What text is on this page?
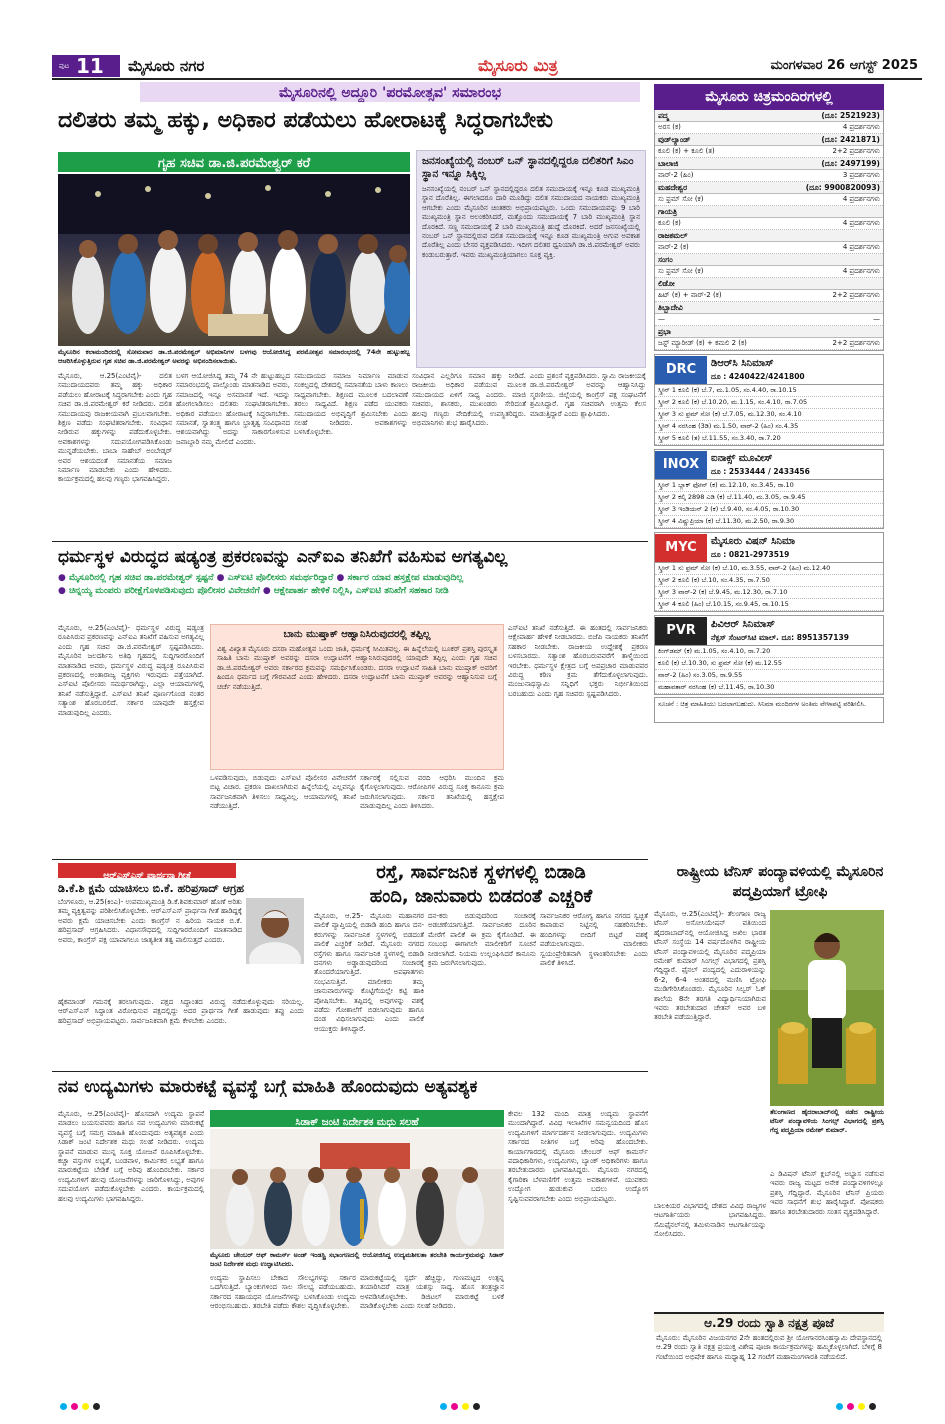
ಪುಟ 11 ಮೈಸೂರು ನಗರ	ಮೈಸೂರು ಮಿತ್ರ	ಮಂಗಳವಾರ 26 ಆಗಸ್ಟ್ 2025
ಮೈಸೂರಿನಲ್ಲಿ ಅದ್ದೂರಿ 'ಪರಮೋತ್ಸವ' ಸಮಾರಂಭ
ದಲಿತರು ತಮ್ಮ ಹಕ್ಕು, ಅಧಿಕಾರ ಪಡೆಯಲು ಹೋರಾಟಕ್ಕೆ ಸಿದ್ಧರಾಗಬೇಕು
ಗೃಹ ಸಚಿವ ಡಾ.ಜಿ.ಪರಮೇಶ್ವರ್ ಕರೆ
ಮೈಸೂರಿನ ಕಲಾಮಂದಿರದಲ್ಲಿ ಸೋಮವಾರ ಡಾ.ಜಿ.ಪರಮೇಶ್ವರ್ ಅಭಿಮಾನಿಗಳ ಬಳಗವು ಆಯೋಜಿಸಿದ್ದ ಪರಮೋತ್ಸವ ಸಮಾರಂಭದಲ್ಲಿ 74ನೇ ಹುಟ್ಟುಹಬ್ಬ ಆಚರಿಸಿಕೊಳ್ಳುತ್ತಿರುವ ಗೃಹ ಸಚಿವ ಡಾ.ಜಿ.ಪರಮೇಶ್ವರ್ ಅವರನ್ನು ಅಭಿನಂದಿಸಲಾಯಿತು.
ಜನಸಂಖ್ಯೆಯಲ್ಲಿ ನಂಬರ್ ಒನ್ ಸ್ಥಾನದಲ್ಲಿದ್ದರೂ ದಲಿತರಿಗೆ ಸಿಎಂ ಸ್ಥಾನ ಇನ್ನೂ ಸಿಕ್ಕಿಲ್ಲ
ಜನಸಂಖ್ಯೆಯಲ್ಲಿ ನಂಬರ್ ಒನ್ ಸ್ಥಾನದಲ್ಲಿದ್ದರೂ ದಲಿತ ಸಮುದಾಯಕ್ಕೆ ಇನ್ನೂ ಕೂಡ ಮುಖ್ಯಮಂತ್ರಿ ಸ್ಥಾನ ದೊರೆತಿಲ್ಲ. ಈಗಲಾದರೂ ದಾರಿ ಮೂಡಿದ್ದು ದಲಿತ ಸಮುದಾಯದ ನಾಯಕರು ಮುಖ್ಯಮಂತ್ರಿ ಆಗಬೇಕು ಎಂದು ಮೈಸೂರಿನ ಚಿಂತಕರು ಅಭಿಪ್ರಾಯಪಟ್ಟರು. ಒಂದು ಸಮುದಾಯವನ್ನು 9 ಬಾರಿ ಮುಖ್ಯಮಂತ್ರಿ ಸ್ಥಾನ ಅಲಂಕರಿಸಿದರೆ, ಮತ್ತೊಂದು ಸಮುದಾಯಕ್ಕೆ 7 ಬಾರಿ ಮುಖ್ಯಮಂತ್ರಿ ಸ್ಥಾನ ದೊರಕಿದೆ. ಸಣ್ಣ ಸಮುದಾಯಕ್ಕೆ 2 ಬಾರಿ ಮುಖ್ಯಮಂತ್ರಿ ಹುದ್ದೆ ದೊರಕಿದೆ. ಅದರೆ ಜನಸಂಖ್ಯೆಯಲ್ಲಿ ನಂಬರ್ ಒನ್ ಸ್ಥಾನದಲ್ಲಿರುವ ದಲಿತ ಸಮುದಾಯಕ್ಕೆ ಇನ್ನೂ ಕೂಡ ಮುಖ್ಯಮಂತ್ರಿ ಅಗುವ ಅವಕಾಶ ದೊರೆತಿಲ್ಲ ಎಂದು ಬೇಸರ ವ್ಯಕ್ತಪಡಿಸಿದರು. ಇದೀಗ ದಲಿತರ ಧ್ವನಿಯಾಗಿ ಡಾ.ಜಿ.ಪರಮೇಶ್ವರ್ ಅವರು ಕಂಡುಬರುತ್ತಾರೆ. ಇವರು ಮುಖ್ಯಮಂತ್ರಿಯಾಗಲು ಸೂಕ್ತ ವ್ಯಕ್ತಿ.
ಮೈಸೂರು, ಆ.25(ಎಂಟಿವೈ)- ದಲಿತ ಸಮುದಾಯದವರು ತಮ್ಮ ಹಕ್ಕು ಅಧಿಕಾರ ಪಡೆಯಲು ಹೋರಾಟಕ್ಕೆ ಸಿದ್ಧರಾಗಬೇಕು ಎಂದು ಗೃಹ ಸಚಿವ ಡಾ.ಜಿ.ಪರಮೇಶ್ವರ್ ಕರೆ ನೀಡಿದರು. ದಲಿತ ಸಮುದಾಯವು ರಾಜಕೀಯವಾಗಿ ಪ್ರಬಲವಾಗಬೇಕು. ಶಿಕ್ಷಣ ಪಡೆದು ಸಂಘಟಿತರಾಗಬೇಕು. ಸಂವಿಧಾನ ನೀಡಿರುವ ಹಕ್ಕುಗಳನ್ನು ಪಡೆದುಕೊಳ್ಳಬೇಕು. ಅವಕಾಶಗಳನ್ನು ಸದುಪಯೋಗಪಡಿಸಿಕೊಂಡು ಮುನ್ನಡೆಯಬೇಕು. ಬಾಬಾ ಸಾಹೇಬ್ ಅಂಬೇಡ್ಕರ್ ಅವರ ಆಶಯದಂತೆ ಸಮಾನತೆಯ ಸಮಾಜ ನಿರ್ಮಾಣ ಮಾಡಬೇಕು ಎಂದು ಹೇಳಿದರು. ಕಾರ್ಯಕ್ರಮದಲ್ಲಿ ಹಲವು ಗಣ್ಯರು ಭಾಗವಹಿಸಿದ್ದರು.
ಬಳಗ ಆಯೋಜಿಸಿದ್ದ ತಮ್ಮ 74 ನೇ ಹುಟ್ಟುಹಬ್ಬದ ಸಮಾರಂಭದಲ್ಲಿ ಪಾಲ್ಗೊಂಡು ಮಾತನಾಡಿದ ಅವರು, ಸಮಾಜದಲ್ಲಿ ಇನ್ನೂ ಅಸಮಾನತೆ ಇದೆ. ಇದನ್ನು ಹೋಗಲಾಡಿಸಲು ದಲಿತರು ಸಂಘಟಿತರಾಗಬೇಕು. ಅಧಿಕಾರ ಪಡೆಯಲು ಹೋರಾಟಕ್ಕೆ ಸಿದ್ಧರಾಗಬೇಕು. ಸಮಾನತೆ, ಸ್ವಾತಂತ್ರ್ಯ ಹಾಗೂ ಭ್ರಾತೃತ್ವ ಸಂವಿಧಾನದ ಆಶಯವಾಗಿದ್ದು ಅದನ್ನು ಸಾಕಾರಗೊಳಿಸುವ ಜವಾಬ್ದಾರಿ ನಮ್ಮ ಮೇಲಿದೆ ಎಂದರು.
ಸಮುದಾಯದ ಸಮಾಜ ನಿರ್ಮಾಣ ಮಾಡುವ ಸಂಕಲ್ಪದಲ್ಲಿ ದೇಶದಲ್ಲಿ ಸಮಾನತೆಯ ಬಾಳು ಕಾಣಲು ಸಾಧ್ಯವಾಗಬೇಕು. ಶಿಕ್ಷಣದ ಮೂಲಕ ಬದಲಾವಣೆ ತರಲು ಸಾಧ್ಯವಿದೆ. ಶಿಕ್ಷಣ ಪಡೆದ ಯುವಕರು ಸಮುದಾಯದ ಅಭಿವೃದ್ಧಿಗೆ ಶ್ರಮಿಸಬೇಕು ಎಂದು ಸಲಹೆ ನೀಡಿದರು. ಅವಕಾಶಗಳನ್ನು ಬಳಸಿಕೊಳ್ಳಬೇಕು.
ಸಂವಿಧಾನ ಎಲ್ಲರಿಗೂ ಸಮಾನ ಹಕ್ಕು ನೀಡಿದೆ. ರಾಜಕೀಯ ಅಧಿಕಾರ ಪಡೆಯುವ ಮೂಲಕ ಸಮುದಾಯದ ಏಳಿಗೆ ಸಾಧ್ಯ ಎಂದರು. ಮಾಜಿ ಸಚಿವರು, ಶಾಸಕರು, ಮುಖಂಡರು ಸೇರಿದಂತೆ ಹಲವು ಗಣ್ಯರು ವೇದಿಕೆಯಲ್ಲಿ ಉಪಸ್ಥಿತರಿದ್ದರು. ಅಭಿಮಾನಿಗಳು ಶುಭ ಹಾರೈಸಿದರು.
ಎಂದು ಪ್ರಶಂಸೆ ವ್ಯಕ್ತಪಡಿಸಿದರು. ಸ್ವಾಮಿ ರಾಜಕೀಯಕ್ಕೆ ಡಾ.ಜಿ.ಪರಮೇಶ್ವರ್ ಅವರನ್ನು ಆಹ್ವಾನಿಸಿದ್ದು ಸ್ಮರಣೀಯ. ಜಿಲ್ಲೆಯಲ್ಲಿ ಕಾಂಗ್ರೆಸ್ ಪಕ್ಷ ಸಂಘಟನೆಗೆ ಶ್ರಮಿಸಿದ್ದಾರೆ. ಗೃಹ ಸಚಿವರಾಗಿ ಉತ್ತಮ ಕೆಲಸ ಮಾಡುತ್ತಿದ್ದಾರೆ ಎಂದು ಶ್ಲಾಘಿಸಿದರು.
ಧರ್ಮಸ್ಥಳ ವಿರುದ್ಧದ ಷಡ್ಯಂತ್ರ ಪ್ರಕರಣವನ್ನು ಎನ್‌ಐಎ ತನಿಖೆಗೆ ವಹಿಸುವ ಅಗತ್ಯವಿಲ್ಲ
● ಮೈಸೂರಿನಲ್ಲಿ ಗೃಹ ಸಚಿವ ಡಾ.ಪರಮೇಶ್ವರ್ ಸ್ಪಷ್ಟನೆ ● ಎಸ್‌ಐಟಿ ಪೊಲೀಸರು ಸಮರ್ಥರಿದ್ದಾರೆ ● ಸರ್ಕಾರ ಯಾವ ಹಸ್ತಕ್ಷೇಪ ಮಾಡುವುದಿಲ್ಲ
● ಚಿನ್ನಯ್ಯ ಮಂಪರು ಪರೀಕ್ಷೆಗೊಳಪಡಿಸುವುದು ಪೊಲೀಸರ ವಿವೇಚನೆಗೆ ● ಆಕ್ಷೇಪಾರ್ಹ ಹೇಳಿಕೆ ನಿಲ್ಲಿಸಿ, ಎಸ್‌ಐಟಿ ತನಿಖೆಗೆ ಸಹಕಾರ ನೀಡಿ
ಮೈಸೂರು, ಆ.25(ಎಂಟಿವೈ)- ಧರ್ಮಸ್ಥಳ ವಿರುದ್ಧ ಷಡ್ಯಂತ್ರ ರೂಪಿಸಿರುವ ಪ್ರಕರಣವನ್ನು ಎನ್‌ಐಎ ತನಿಖೆಗೆ ವಹಿಸುವ ಅಗತ್ಯವಿಲ್ಲ ಎಂದು ಗೃಹ ಸಚಿವ ಡಾ.ಜಿ.ಪರಮೇಶ್ವರ್ ಸ್ಪಷ್ಟಪಡಿಸಿದರು. ಮೈಸೂರಿನ ಜಲದರ್ಶಿನಿ ಅತಿಥಿ ಗೃಹದಲ್ಲಿ ಸುದ್ದಿಗಾರರೊಂದಿಗೆ ಮಾತನಾಡಿದ ಅವರು, ಧರ್ಮಸ್ಥಳ ವಿರುದ್ಧ ಷಡ್ಯಂತ್ರ ರೂಪಿಸಿರುವ ಪ್ರಕರಣದಲ್ಲಿ ಅಂತಾರಾಜ್ಯ ವ್ಯಕ್ತಿಗಳು ಇರುವುದು ಪತ್ತೆಯಾಗಿದೆ. ಎಸ್‌ಐಟಿ ಪೊಲೀಸರು ಸಮರ್ಥರಾಗಿದ್ದು, ಎಲ್ಲಾ ಆಯಾಮಗಳಲ್ಲಿ ತನಿಖೆ ನಡೆಸುತ್ತಿದ್ದಾರೆ. ಎಸ್‌ಐಟಿ ತನಿಖೆ ಪೂರ್ಣಗೊಂಡ ನಂತರ ಸತ್ಯಾಂಶ ಹೊರಬರಲಿದೆ. ಸರ್ಕಾರ ಯಾವುದೇ ಹಸ್ತಕ್ಷೇಪ ಮಾಡುವುದಿಲ್ಲ ಎಂದರು.
ಬಾನು ಮುಷ್ತಾಕ್ ಆಹ್ವಾನಿಸಿರುವುದರಲ್ಲಿ ತಪ್ಪಿಲ್ಲ
ವಿಶ್ವ ವಿಖ್ಯಾತ ಮೈಸೂರು ದಸರಾ ಮಹೋತ್ಸವ ಒಂದು ಜಾತಿ, ಧರ್ಮಕ್ಕೆ ಸೀಮಿತವಲ್ಲ. ಈ ಹಿನ್ನೆಲೆಯಲ್ಲಿ ಬೂಕರ್ ಪ್ರಶಸ್ತಿ ಪುರಸ್ಕೃತ ಸಾಹಿತಿ ಬಾನು ಮುಷ್ತಾಕ್ ಅವರನ್ನು ದಸರಾ ಉದ್ಘಾಟನೆಗೆ ಆಹ್ವಾನಿಸಿರುವುದರಲ್ಲಿ ಯಾವುದೇ ತಪ್ಪಿಲ್ಲ ಎಂದು ಗೃಹ ಸಚಿವ ಡಾ.ಜಿ.ಪರಮೇಶ್ವರ್ ಅವರು ಸರ್ಕಾರದ ಕ್ರಮವನ್ನು ಸಮರ್ಥಿಸಿಕೊಂಡರು. ದಸರಾ ಉದ್ಘಾಟನೆ ಸಾಹಿತಿ ಬಾನು ಮುಷ್ತಾಕ್ ಅವರಿಗೆ ಹಿಂದೂ ಧರ್ಮದ ಬಗ್ಗೆ ಗೌರವವಿದೆ ಎಂದು ಹೇಳಿದರು. ದಸರಾ ಉದ್ಘಾಟನೆಗೆ ಬಾನು ಮುಷ್ತಾಕ್ ಅವರನ್ನು ಆಹ್ವಾನಿಸುವ ಬಗ್ಗೆ ಚರ್ಚೆ ನಡೆಯುತ್ತಿದೆ.
ಒಳಪಡಿಸುವುದು, ಬಿಡುವುದು ಎಸ್‌ಐಟಿ ಪೊಲೀಸರ ವಿವೇಚನೆಗೆ ಬಿಟ್ಟ ವಿಚಾರ. ಪ್ರಕರಣ ದಾಖಲಾಗಿರುವ ಹಿನ್ನೆಲೆಯಲ್ಲಿ ಎಲ್ಲವನ್ನೂ ಸಾರ್ವಜನಿಕವಾಗಿ ತಿಳಿಸಲು ಸಾಧ್ಯವಿಲ್ಲ. ಆಯಾಮಗಳಲ್ಲಿ ತನಿಖೆ ನಡೆಯುತ್ತಿದೆ.
ಸರ್ಕಾರಕ್ಕೆ ಸಲ್ಲಿಸುವ ವರದಿ ಆಧರಿಸಿ ಮುಂದಿನ ಕ್ರಮ ಕೈಗೊಳ್ಳಲಾಗುವುದು. ಆರೋಪಿಗಳ ವಿರುದ್ಧ ಸೂಕ್ತ ಕಾನೂನು ಕ್ರಮ ಜರುಗಿಸಲಾಗುವುದು. ಸರ್ಕಾರ ತನಿಖೆಯಲ್ಲಿ ಹಸ್ತಕ್ಷೇಪ ಮಾಡುವುದಿಲ್ಲ ಎಂದು ತಿಳಿಸಿದರು.
ಎಸ್‌ಐಟಿ ತನಿಖೆ ನಡೆಸುತ್ತಿದೆ. ಈ ಹಂತದಲ್ಲಿ ಸಾರ್ವಜನಿಕರು ಆಕ್ಷೇಪಾರ್ಹ ಹೇಳಿಕೆ ನೀಡಬಾರದು. ಬಿಜೆಪಿ ನಾಯಕರು ತನಿಖೆಗೆ ಸಹಕಾರ ನೀಡಬೇಕು. ರಾಜಕೀಯ ಉದ್ದೇಶಕ್ಕೆ ಪ್ರಕರಣ ಬಳಸಬಾರದು. ಸತ್ಯಾಂಶ ಹೊರಬರುವವರೆಗೆ ತಾಳ್ಮೆಯಿಂದ ಇರಬೇಕು. ಧರ್ಮಸ್ಥಳ ಕ್ಷೇತ್ರದ ಬಗ್ಗೆ ಅಪಪ್ರಚಾರ ಮಾಡುವವರ ವಿರುದ್ಧ ಕಠಿಣ ಕ್ರಮ ತೆಗೆದುಕೊಳ್ಳಲಾಗುವುದು. ಮಂಜುನಾಥಸ್ವಾಮಿ ಸನ್ನಿಧಿಗೆ ಭಕ್ತರು ನಿರ್ಭೀತಿಯಿಂದ ಬರಬಹುದು ಎಂದು ಗೃಹ ಸಚಿವರು ಸ್ಪಷ್ಟಪಡಿಸಿದರು.
ಆರ್‌ಎಸ್‌ಎಸ್ ಪ್ರಾರ್ಥನಾ ಗೀತೆ
ಡಿ.ಕೆ.ಶಿ ಕ್ಷಮೆ ಯಾಚಿಸಲು ಬಿ.ಕೆ. ಹರಿಪ್ರಸಾದ್ ಆಗ್ರಹ
ಬೆಂಗಳೂರು, ಆ.25(ಕಿಂಎ)- ಉಪಮುಖ್ಯಮಂತ್ರಿ ಡಿ.ಕೆ.ಶಿವಕುಮಾರ್ ಹೊಣೆ ಅರಿತು ತಮ್ಮ ವ್ಯಕ್ತಿತ್ವವನ್ನು ಪರಿಶೀಲಿಸಿಕೊಳ್ಳಬೇಕು. ಆರ್‌ಎಸ್‌ಎಸ್ ಪ್ರಾರ್ಥನಾ ಗೀತೆ ಹಾಡಿದ್ದಕ್ಕೆ ಅವರು ಕ್ಷಮೆ ಯಾಚಿಸಬೇಕು ಎಂದು ಕಾಂಗ್ರೆಸ್ ನ ಹಿರಿಯ ನಾಯಕ ಬಿ.ಕೆ. ಹರಿಪ್ರಸಾದ್ ಆಗ್ರಹಿಸಿದರು. ವಿಧಾನಸೌಧದಲ್ಲಿ ಸುದ್ದಿಗಾರರೊಂದಿಗೆ ಮಾತನಾಡಿದ ಅವರು, ಕಾಂಗ್ರೆಸ್ ಪಕ್ಷ ಯಾವಾಗಲೂ ಜಾತ್ಯತೀತ ತತ್ವ ಪಾಲಿಸುತ್ತದೆ ಎಂದರು.
ರಸ್ತೆ, ಸಾರ್ವಜನಿಕ ಸ್ಥಳಗಳಲ್ಲಿ ಬಿಡಾಡಿ
ಹಂದಿ, ಜಾನುವಾರು ಬಿಡದಂತೆ ಎಚ್ಚರಿಕೆ
ಮೈಸೂರು, ಆ.25- ಮೈಸೂರು ಮಹಾನಗರ ಪಾಲಿಕೆ ವ್ಯಾಪ್ತಿಯಲ್ಲಿ ಬಿಡಾಡಿ ಹಂದಿ ಹಾಗೂ ದನ-ಕರುಗಳನ್ನು ಸಾರ್ವಜನಿಕ ಸ್ಥಳಗಳಲ್ಲಿ ಬಿಡದಂತೆ ಪಾಲಿಕೆ ಎಚ್ಚರಿಕೆ ನೀಡಿದೆ. ಮೈಸೂರು ನಗರದ ರಸ್ತೆಗಳು ಹಾಗೂ ಸಾರ್ವಜನಿಕ ಸ್ಥಳಗಳಲ್ಲಿ ಬಿಡಾಡಿ ದನಗಳು ಅಡ್ಡಾಡುವುದರಿಂದ ಸಂಚಾರಕ್ಕೆ ತೊಂದರೆಯಾಗುತ್ತಿದೆ. ಅಪಘಾತಗಳು ಸಂಭವಿಸುತ್ತಿವೆ. ಮಾಲೀಕರು ತಮ್ಮ ಜಾನುವಾರುಗಳನ್ನು ಕೊಟ್ಟಿಗೆಯಲ್ಲೇ ಕಟ್ಟಿ ಹಾಕಿ ಪೋಷಿಸಬೇಕು. ತಪ್ಪಿದಲ್ಲಿ ಅವುಗಳನ್ನು ವಶಕ್ಕೆ ಪಡೆದು ಗೋಶಾಲೆಗೆ ಬಿಡಲಾಗುವುದು ಹಾಗೂ ದಂಡ ವಿಧಿಸಲಾಗುವುದು ಎಂದು ಪಾಲಿಕೆ ಆಯುಕ್ತರು ತಿಳಿಸಿದ್ದಾರೆ.
ದನ-ಕರು ಬಿಡುವುದರಿಂದ ಸಂಚಾರಕ್ಕೆ ಅಡಚಣೆಯಾಗುತ್ತಿದೆ. ಸಾರ್ವಜನಿಕರ ದೂರಿನ ಮೇರೆಗೆ ಪಾಲಿಕೆ ಈ ಕ್ರಮ ಕೈಗೊಂಡಿದೆ. ಈ ಸಂಬಂಧ ಈಗಾಗಲೇ ಮಾಲೀಕರಿಗೆ ಸೂಚನೆ ನೀಡಲಾಗಿದೆ. ನಿಯಮ ಉಲ್ಲಂಘಿಸಿದರೆ ಕಾನೂನು ಕ್ರಮ ಜರುಗಿಸಲಾಗುವುದು.
ಸಾರ್ವಜನಿಕರ ಆರೋಗ್ಯ ಹಾಗೂ ನಗರದ ಸ್ವಚ್ಛತೆ ಕಾಪಾಡುವ ನಿಟ್ಟಿನಲ್ಲಿ ಸಹಕರಿಸಬೇಕು. ಹಂದಿಗಳನ್ನು ಬೀದಿಗೆ ಬಿಟ್ಟರೆ ವಶಕ್ಕೆ ಪಡೆಯಲಾಗುವುದು. ಮಾಲೀಕರು ಸ್ವಯಂಪ್ರೇರಿತವಾಗಿ ಸ್ಥಳಾಂತರಿಸಬೇಕು ಎಂದು ಪಾಲಿಕೆ ತಿಳಿಸಿದೆ.
ಹೈಕಮಾಂಡ್ ಗಮನಕ್ಕೆ ತರಲಾಗುವುದು. ಪಕ್ಷದ ಸಿದ್ಧಾಂತದ ವಿರುದ್ಧ ನಡೆದುಕೊಳ್ಳುವುದು ಸರಿಯಲ್ಲ. ಆರ್‌ಎಸ್‌ಎಸ್ ಸಿದ್ಧಾಂತ ವಿರೋಧಿಸುವ ಪಕ್ಷದಲ್ಲಿದ್ದು ಅದರ ಪ್ರಾರ್ಥನಾ ಗೀತೆ ಹಾಡುವುದು ತಪ್ಪು ಎಂದು ಹರಿಪ್ರಸಾದ್ ಅಭಿಪ್ರಾಯಪಟ್ಟರು. ಸಾರ್ವಜನಿಕವಾಗಿ ಕ್ಷಮೆ ಕೇಳಬೇಕು ಎಂದರು.
ನವ ಉದ್ಯಮಿಗಳು ಮಾರುಕಟ್ಟೆ ವ್ಯವಸ್ಥೆ ಬಗ್ಗೆ ಮಾಹಿತಿ ಹೊಂದುವುದು ಅತ್ಯವಶ್ಯಕ
ಮೈಸೂರು, ಆ.25(ಎಂಟಿವೈ)- ಹೊಸದಾಗಿ ಉದ್ಯಮ ಸ್ಥಾಪನೆ ಮಾಡಲು ಬಯಸುವವರು ಹಾಗೂ ನವ ಉದ್ಯಮಿಗಳು ಮಾರುಕಟ್ಟೆ ವ್ಯವಸ್ಥೆ ಬಗ್ಗೆ ಸಮಗ್ರ ಮಾಹಿತಿ ಹೊಂದುವುದು ಅತ್ಯವಶ್ಯಕ ಎಂದು ಸಿಡಾಕ್ ಜಂಟಿ ನಿರ್ದೇಶಕ ಮಧು ಸಲಹೆ ನೀಡಿದರು. ಉದ್ಯಮ ಸ್ಥಾಪನೆ ಮಾಡುವ ಮುನ್ನ ಸೂಕ್ತ ಯೋಜನೆ ರೂಪಿಸಿಕೊಳ್ಳಬೇಕು. ಕಚ್ಚಾ ವಸ್ತುಗಳ ಲಭ್ಯತೆ, ಬಂಡವಾಳ, ಕಾರ್ಮಿಕರ ಲಭ್ಯತೆ ಹಾಗೂ ಮಾರುಕಟ್ಟೆಯ ಬೇಡಿಕೆ ಬಗ್ಗೆ ಅರಿವು ಹೊಂದಿರಬೇಕು. ಸರ್ಕಾರ ಉದ್ಯಮಿಗಳಿಗೆ ಹಲವು ಯೋಜನೆಗಳನ್ನು ಜಾರಿಗೊಳಿಸಿದ್ದು, ಅವುಗಳ ಸದುಪಯೋಗ ಪಡೆದುಕೊಳ್ಳಬೇಕು ಎಂದರು. ಕಾರ್ಯಕ್ರಮದಲ್ಲಿ ಹಲವು ಉದ್ಯಮಿಗಳು ಭಾಗವಹಿಸಿದ್ದರು.
ಸಿಡಾಕ್ ಜಂಟಿ ನಿರ್ದೇಶಕ ಮಧು ಸಲಹೆ
ಮೈಸೂರು ಚೇಂಬರ್ ಆಫ್ ಕಾಮರ್ಸ್ ಅಂಡ್ ಇಂಡಸ್ಟ್ರಿ ಸಭಾಂಗಣದಲ್ಲಿ ಆಯೋಜಿಸಿದ್ದ ಉದ್ಯಮಶೀಲತಾ ತರಬೇತಿ ಕಾರ್ಯಕ್ರಮವನ್ನು ಸಿಡಾಕ್ ಜಂಟಿ ನಿರ್ದೇಶಕ ಮಧು ಉದ್ಘಾಟಿಸಿದರು.
ಉದ್ಯಮ ಸ್ಥಾಪಿಸಲು ಬೇಕಾದ ಸೌಲಭ್ಯಗಳನ್ನು ಸರ್ಕಾರ ಒದಗಿಸುತ್ತಿದೆ. ಬ್ಯಾಂಕುಗಳಿಂದ ಸಾಲ ಸೌಲಭ್ಯ ಪಡೆಯಬಹುದು. ಸರ್ಕಾರದ ಸಹಾಯಧನ ಯೋಜನೆಗಳನ್ನು ಬಳಸಿಕೊಂಡು ಉದ್ಯಮ ಆರಂಭಿಸಬಹುದು. ತರಬೇತಿ ಪಡೆದು ಕೌಶಲ ವೃದ್ಧಿಸಿಕೊಳ್ಳಬೇಕು.
ಮಾರುಕಟ್ಟೆಯಲ್ಲಿ ಸ್ಪರ್ಧೆ ಹೆಚ್ಚಿದ್ದು, ಗುಣಮಟ್ಟದ ಉತ್ಪನ್ನ ತಯಾರಿಸಿದರೆ ಮಾತ್ರ ಯಶಸ್ಸು ಸಾಧ್ಯ. ಹೊಸ ತಂತ್ರಜ್ಞಾನ ಅಳವಡಿಸಿಕೊಳ್ಳಬೇಕು. ಡಿಜಿಟಲ್ ಮಾರುಕಟ್ಟೆ ಬಳಕೆ ಮಾಡಿಕೊಳ್ಳಬೇಕು ಎಂದು ಸಲಹೆ ನೀಡಿದರು.
ಕೇವಲ 132 ಮಂದಿ ಮಾತ್ರ ಉದ್ಯಮ ಸ್ಥಾಪನೆಗೆ ಮುಂದಾಗಿದ್ದಾರೆ. ವಿವಿಧ ಇಲಾಖೆಗಳ ಸಮನ್ವಯದಿಂದ ಹೊಸ ಉದ್ಯಮಿಗಳಿಗೆ ಮಾರ್ಗದರ್ಶನ ನೀಡಲಾಗುವುದು. ಉದ್ಯಮಿಗಳು ಸರ್ಕಾರದ ನೀತಿಗಳ ಬಗ್ಗೆ ಅರಿವು ಹೊಂದಬೇಕು. ಕಾರ್ಯಾಗಾರದಲ್ಲಿ ಮೈಸೂರು ಚೇಂಬರ್ ಆಫ್ ಕಾಮರ್ಸ್ ಪದಾಧಿಕಾರಿಗಳು, ಉದ್ಯಮಿಗಳು, ಬ್ಯಾಂಕ್ ಅಧಿಕಾರಿಗಳು ಹಾಗೂ ತರಬೇತುದಾರರು ಭಾಗವಹಿಸಿದ್ದರು. ಮೈಸೂರು ನಗರದಲ್ಲಿ ಕೈಗಾರಿಕಾ ಬೆಳವಣಿಗೆಗೆ ಉತ್ತಮ ಅವಕಾಶಗಳಿವೆ. ಯುವಕರು ಉದ್ಯೋಗ ಹುಡುಕುವ ಬದಲು ಉದ್ಯೋಗ ಸೃಷ್ಟಿಸುವವರಾಗಬೇಕು ಎಂದು ಅಭಿಪ್ರಾಯಪಟ್ಟರು.
ಮೈಸೂರು ಚಿತ್ರಮಂದಿರಗಳಲ್ಲಿ
ಪದ್ಮ	(ದೂ: 2521923)
ಅರಸ (ಕ)	4 ಪ್ರದರ್ಶನಗಳು
ವುಡ್‌ಲ್ಯಾಂಡ್	(ದೂ: 2421871)
ಕೂಲಿ (ಕ) + ಕೂಲಿ (ತ)	2+2 ಪ್ರದರ್ಶನಗಳು
ಬಾಲಾಜಿ	(ದೂ: 2497199)
ವಾರ್-2 (ಹಿಂ)	3 ಪ್ರದರ್ಶನಗಳು
ಮಹದೇಶ್ವರ	(ದೂ: 9900820093)
ಸು ಫ್ರಮ್ ಸೋ (ಕ)	4 ಪ್ರದರ್ಶನಗಳು
ಗಾಯತ್ರಿ
ಕೂಲಿ (ಕ)	4 ಪ್ರದರ್ಶನಗಳು
ರಾಜಕಮಲ್
ವಾರ್-2 (ಕ)	4 ಪ್ರದರ್ಶನಗಳು
ಸಂಗಂ
ಸು ಫ್ರಮ್ ಸೋ (ಕ)	4 ಪ್ರದರ್ಶನಗಳು
ಲಿಡೋ
ಹಿಟ್ (ಕ) + ವಾರ್-2 (ಕ)	2+2 ಪ್ರದರ್ಶನಗಳು
ತಿಬ್ಬಾದೇವಿ
—	—
ಪ್ರಭಾ
ಜಸ್ಟ್ ಮ್ಯಾರೀಡ್ (ಕ) + ಕಮಲಿ 2 (ಕ)	2+2 ಪ್ರದರ್ಶನಗಳು
DRC	ಡಿಆರ್‌ಸಿ ಸಿನಿಮಾಸ್
ದೂ : 4240422/4241800
ಸ್ಕ್ರೀನ್ 1 ಕೂಲಿ (ಕ) ಬೆ.7, ಮ.1.05, ಸಂ.4.40, ರಾ.10.15
ಸ್ಕ್ರೀನ್ 2 ಕೂಲಿ (ಕ) ಬೆ.10.20, ಮ.1.15, ಸಂ.4.10, ರಾ.7.05
ಸ್ಕ್ರೀನ್ 3 ಸು ಫ್ರಮ್ ಸೋ (ಕ) ಬೆ.7.05, ಮ.12.30, ಸಂ.4.10
ಸ್ಕ್ರೀನ್ 4 ನರಸಿಂಹ (3ಡಿ) ಮ.1.50, ವಾರ್-2 (ಹಿಂ) ಸಂ.4.35
ಸ್ಕ್ರೀನ್ 5 ಕೂಲಿ (ತ) ಬೆ.11.55, ಸಂ.3.40, ರಾ.7.20
INOX	ಐನಾಕ್ಸ್ ಮೂವೀಸ್
ದೂ : 2533444 / 2433456
ಸ್ಕ್ರೀನ್ 1 ಬ್ಲಾಕ್ ಫೋನ್ (ಕ) ಮ.12.10, ಸಂ.3.45, ರಾ.10
ಸ್ಕ್ರೀನ್ 2 ಕಲ್ಕಿ 2898 ಎಡಿ (ಕ) ಬೆ.11.40, ಮ.3.05, ರಾ.9.45
ಸ್ಕ್ರೀನ್ 3 ಇಂಡಿಯನ್ 2 (ಕ) ಬೆ.9.40, ಸಂ.4.05, ರಾ.10.30
ಸ್ಕ್ರೀನ್ 4 ವಿಷ್ಣುಪ್ರಿಯಾ (ಕ) ಬೆ.11.30, ಮ.2.50, ರಾ.9.30
MYC	ಮೈಸೂರು ವಿಷನ್ ಸಿನಿಮಾ
ದೂ : 0821-2973519
ಸ್ಕ್ರೀನ್ 1 ಸು ಫ್ರಮ್ ಸೋ (ಕ) ಬೆ.10, ಮ.3.55, ವಾರ್-2 (ಹಿಂ) ಮ.12.40
ಸ್ಕ್ರೀನ್ 2 ಕೂಲಿ (ಕ) ಬೆ.10, ಸಂ.4.35, ರಾ.7.50
ಸ್ಕ್ರೀನ್ 3 ವಾರ್-2 (ಕ) ಬೆ.9.45, ಮ.12.30, ರಾ.7.10
ಸ್ಕ್ರೀನ್ 4 ಕೂಲಿ (ಹಿಂ) ಬೆ.10.15, ಸಂ.9.45, ರಾ.10.15
PVR	ಪಿವಿಆರ್ ಸಿನಿಮಾಸ್
ನೆಕ್ಸಸ್ ಸೆಂಟರ್‌ಸಿಟಿ ಮಾಲ್. ದೂ: 8951357139
ಕಿಂಗ್‌ಡಮ್ (ಕ) ಮ.1.05, ಸಂ.4.10, ರಾ.7.20
ಕೂಲಿ (ಕ) ಬೆ.10.30, ಸು ಫ್ರಮ್ ಸೋ (ಕ) ಮ.12.55
ವಾರ್-2 (ಹಿಂ) ಸಂ.3.05, ರಾ.9.55
ಮಹಾವತಾರ್ ನರಸಿಂಹ (ಕ) ಬೆ.11.45, ರಾ.10.30
ಸೂಚನೆ : ಚಿತ್ರ ಮಾಹಿತಿಯು ಬದಲಾಗಬಹುದು. ಸಿನಿಮಾ ಮಂದಿರಗಳ ಅಂತಿಮ ವೇಳಾಪಟ್ಟಿ ಪರಿಶೀಲಿಸಿ.
ರಾಷ್ಟ್ರೀಯ ಟೆನಿಸ್ ಪಂದ್ಯಾವಳಿಯಲ್ಲಿ ಮೈಸೂರಿನ ಪದ್ಮಪ್ರಿಯಾಗೆ ಟ್ರೋಫಿ
ಮೈಸೂರು, ಆ.25(ಎಂಟಿವೈ)- ತೆಲಂಗಾಣ ರಾಜ್ಯ ಟೆನಿಸ್ ಅಸೋಸಿಯೇಷನ್ ವತಿಯಿಂದ ಹೈದರಾಬಾದ್‌ನಲ್ಲಿ ಆಯೋಜಿಸಿದ್ದ ಅಖಿಲ ಭಾರತ ಟೆನಿಸ್ ಸಂಸ್ಥೆಯ 14 ವರ್ಷದೊಳಗಿನ ರಾಷ್ಟ್ರೀಯ ಟೆನಿಸ್ ಪಂದ್ಯಾವಳಿಯಲ್ಲಿ ಮೈಸೂರಿನ ಪದ್ಮಪ್ರಿಯಾ ರಮೇಶ್ ಕುಮಾರ್ ಸಿಂಗಲ್ಸ್ ವಿಭಾಗದಲ್ಲಿ ಪ್ರಶಸ್ತಿ ಗೆದ್ದಿದ್ದಾರೆ. ಫೈನಲ್ ಪಂದ್ಯದಲ್ಲಿ ಎದುರಾಳಿಯನ್ನು 6-2, 6-4 ಅಂತರದಲ್ಲಿ ಮಣಿಸಿ ಟ್ರೋಫಿ ಮುಡಿಗೇರಿಸಿಕೊಂಡರು. ಮೈಸೂರಿನ ಸಿಲ್ವರ್ ಓಕ್ ಶಾಲೆಯ 8ನೇ ತರಗತಿ ವಿದ್ಯಾರ್ಥಿನಿಯಾಗಿರುವ ಇವರು ತರಬೇತುದಾರ ಚೇತನ್ ಅವರ ಬಳಿ ತರಬೇತಿ ಪಡೆಯುತ್ತಿದ್ದಾರೆ.
ತೆಲಂಗಾಣದ ಹೈದರಾಬಾದ್‌ನಲ್ಲಿ ನಡೆದ ರಾಷ್ಟ್ರೀಯ ಟೆನಿಸ್ ಪಂದ್ಯಾವಳಿಯ ಸಿಂಗಲ್ಸ್ ವಿಭಾಗದಲ್ಲಿ ಪ್ರಶಸ್ತಿ ಗೆದ್ದ ಪದ್ಮಪ್ರಿಯಾ ರಮೇಶ್ ಕುಮಾರ್.
ಎ ಡಿವಿಷನ್ ಟೆನಿಸ್ ಕ್ಲಬ್‌ನಲ್ಲಿ ಅಭ್ಯಾಸ ನಡೆಸುವ ಇವರು ರಾಜ್ಯ ಮಟ್ಟದ ಅನೇಕ ಪಂದ್ಯಾವಳಿಗಳಲ್ಲೂ ಪ್ರಶಸ್ತಿ ಗೆದ್ದಿದ್ದಾರೆ. ಮೈಸೂರಿನ ಟೆನಿಸ್ ಪ್ರಿಯರು ಇವರ ಸಾಧನೆಗೆ ಶುಭ ಹಾರೈಸಿದ್ದಾರೆ. ಪೋಷಕರು ಹಾಗೂ ತರಬೇತುದಾರರು ಸಂತಸ ವ್ಯಕ್ತಪಡಿಸಿದ್ದಾರೆ.
ಬಾಲಕಿಯರ ವಿಭಾಗದಲ್ಲಿ ದೇಶದ ವಿವಿಧ ರಾಜ್ಯಗಳ ಆಟಗಾರ್ತಿಯರು ಭಾಗವಹಿಸಿದ್ದರು. ಸೆಮಿಫೈನಲ್‌ನಲ್ಲಿ ತಮಿಳುನಾಡಿನ ಆಟಗಾರ್ತಿಯನ್ನು ಸೋಲಿಸಿದರು.
ಆ.29 ರಂದು ಸ್ವಾತಿ ನಕ್ಷತ್ರ ಪೂಜೆ
ಮೈಸೂರು: ಮೈಸೂರಿನ ವಿಜಯನಗರ 2ನೇ ಹಂತದಲ್ಲಿರುವ ಶ್ರೀ ಯೋಗಾನರಸಿಂಹಸ್ವಾಮಿ ದೇವಸ್ಥಾನದಲ್ಲಿ ಆ.29 ರಂದು ಸ್ವಾತಿ ನಕ್ಷತ್ರ ಪ್ರಯುಕ್ತ ವಿಶೇಷ ಪೂಜಾ ಕಾರ್ಯಕ್ರಮಗಳನ್ನು ಹಮ್ಮಿಕೊಳ್ಳಲಾಗಿದೆ. ಬೆಳಿಗ್ಗೆ 8 ಗಂಟೆಯಿಂದ ಅಭಿಷೇಕ ಹಾಗೂ ಮಧ್ಯಾಹ್ನ 12 ಗಂಟೆಗೆ ಮಹಾಮಂಗಳಾರತಿ ನಡೆಯಲಿದೆ.
